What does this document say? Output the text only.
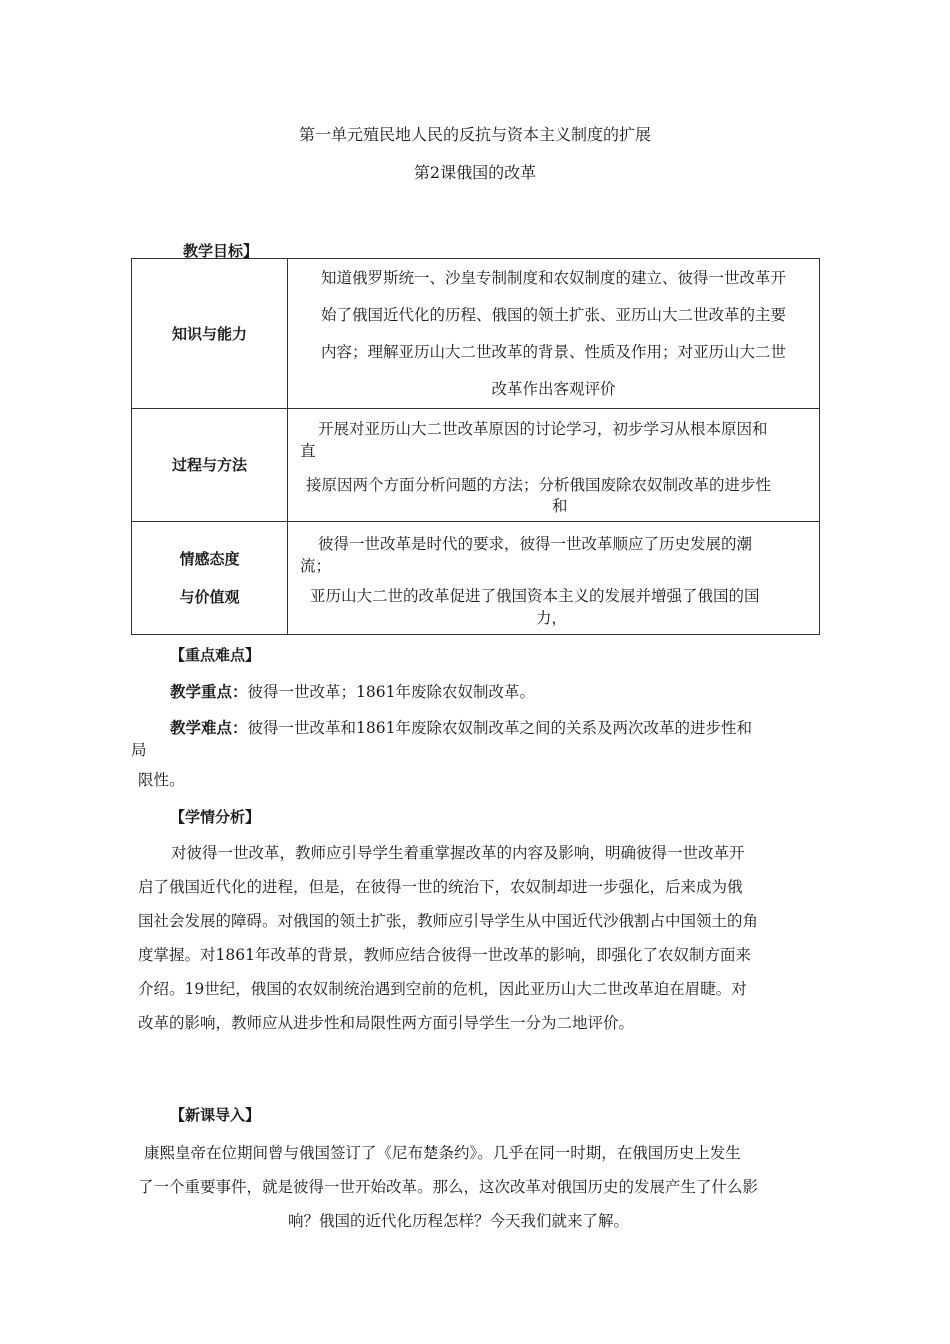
第一单元殖民地人民的反抗与资本主义制度的扩展
第2课俄国的改革
教学目标】
知识与能力	知道俄罗斯统一、沙皇专制制度和农奴制度的建立、彼得一世改革开
始了俄国近代化的历程、俄国的领土扩张、亚历山大二世改革的主要
内容；理解亚历山大二世改革的背景、性质及作用；对亚历山大二世
改革作出客观评价

过程与方法	开展对亚历山大二世改革原因的讨论学习，初步学习从根本原因和
直
接原因两个方面分析问题的方法；分析俄国废除农奴制改革的进步性
和

情感态度
与价值观	彼得一世改革是时代的要求，彼得一世改革顺应了历史发展的潮
流；
亚历山大二世的改革促进了俄国资本主义的发展并增强了俄国的国
力，
【重点难点】
教学重点：彼得一世改革；1861年废除农奴制改革。
教学难点：彼得一世改革和1861年废除农奴制改革之间的关系及两次改革的进步性和
局
限性。
【学情分析】
对彼得一世改革，教师应引导学生着重掌握改革的内容及影响，明确彼得一世改革开
启了俄国近代化的进程，但是，在彼得一世的统治下，农奴制却进一步强化，后来成为俄
国社会发展的障碍。对俄国的领土扩张，教师应引导学生从中国近代沙俄割占中国领土的角
度掌握。对1861年改革的背景，教师应结合彼得一世改革的影响，即强化了农奴制方面来
介绍。19世纪，俄国的农奴制统治遇到空前的危机，因此亚历山大二世改革迫在眉睫。对
改革的影响，教师应从进步性和局限性两方面引导学生一分为二地评价。
【新课导入】
康熙皇帝在位期间曾与俄国签订了《尼布楚条约》。几乎在同一时期，在俄国历史上发生
了一个重要事件，就是彼得一世开始改革。那么，这次改革对俄国历史的发展产生了什么影
响？俄国的近代化历程怎样？今天我们就来了解。
